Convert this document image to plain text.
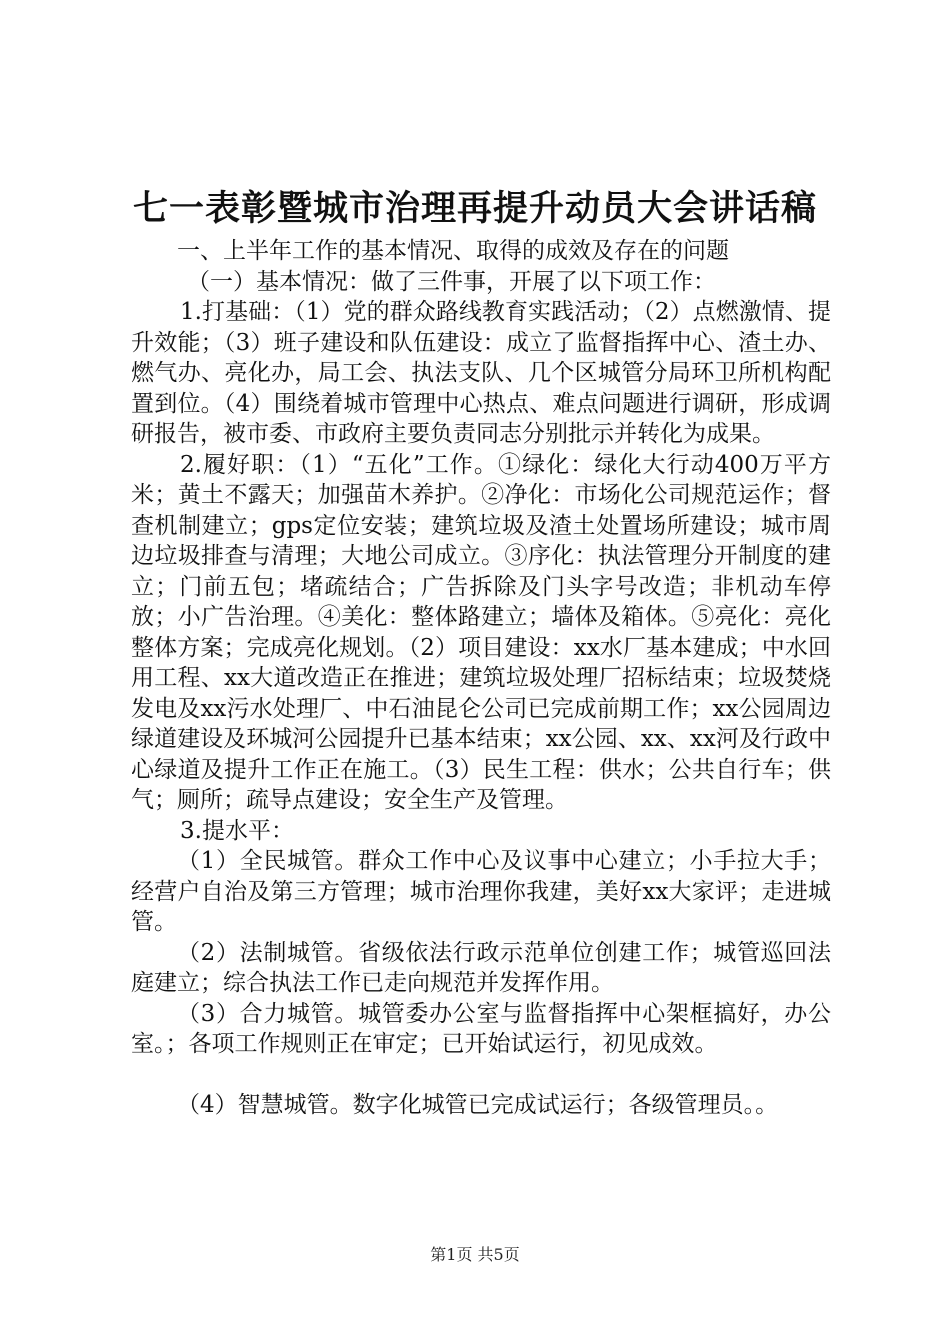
七一表彰暨城市治理再提升动员大会讲话稿

一、上半年工作的基本情况、取得的成效及存在的问题

（一）基本情况：做了三件事，开展了以下项工作：

1.打基础：（1）党的群众路线教育实践活动；（2）点燃激情、提升效能；（3）班子建设和队伍建设：成立了监督指挥中心、渣土办、燃气办、亮化办，局工会、执法支队、几个区城管分局环卫所机构配置到位。（4）围绕着城市管理中心热点、难点问题进行调研，形成调研报告，被市委、市政府主要负责同志分别批示并转化为成果。

2.履好职：（1）“五化”工作。①绿化：绿化大行动400万平方米；黄土不露天；加强苗木养护。②净化：市场化公司规范运作；督查机制建立；gps定位安装；建筑垃圾及渣土处置场所建设；城市周边垃圾排查与清理；大地公司成立。③序化：执法管理分开制度的建立；门前五包；堵疏结合；广告拆除及门头字号改造；非机动车停放；小广告治理。④美化：整体路建立；墙体及箱体。⑤亮化：亮化整体方案；完成亮化规划。（2）项目建设：xx水厂基本建成；中水回用工程、xx大道改造正在推进；建筑垃圾处理厂招标结束；垃圾焚烧发电及xx污水处理厂、中石油昆仑公司已完成前期工作；xx公园周边绿道建设及环城河公园提升已基本结束；xx公园、xx、xx河及行政中心绿道及提升工作正在施工。（3）民生工程：供水；公共自行车；供气；厕所；疏导点建设；安全生产及管理。

3.提水平：

（1）全民城管。群众工作中心及议事中心建立；小手拉大手；经营户自治及第三方管理；城市治理你我建，美好xx大家评；走进城管。

（2）法制城管。省级依法行政示范单位创建工作；城管巡回法庭建立；综合执法工作已走向规范并发挥作用。

（3）合力城管。城管委办公室与监督指挥中心架框搞好，办公室。；各项工作规则正在审定；已开始试运行，初见成效。

（4）智慧城管。数字化城管已完成试运行；各级管理员。。

第1页 共5页
